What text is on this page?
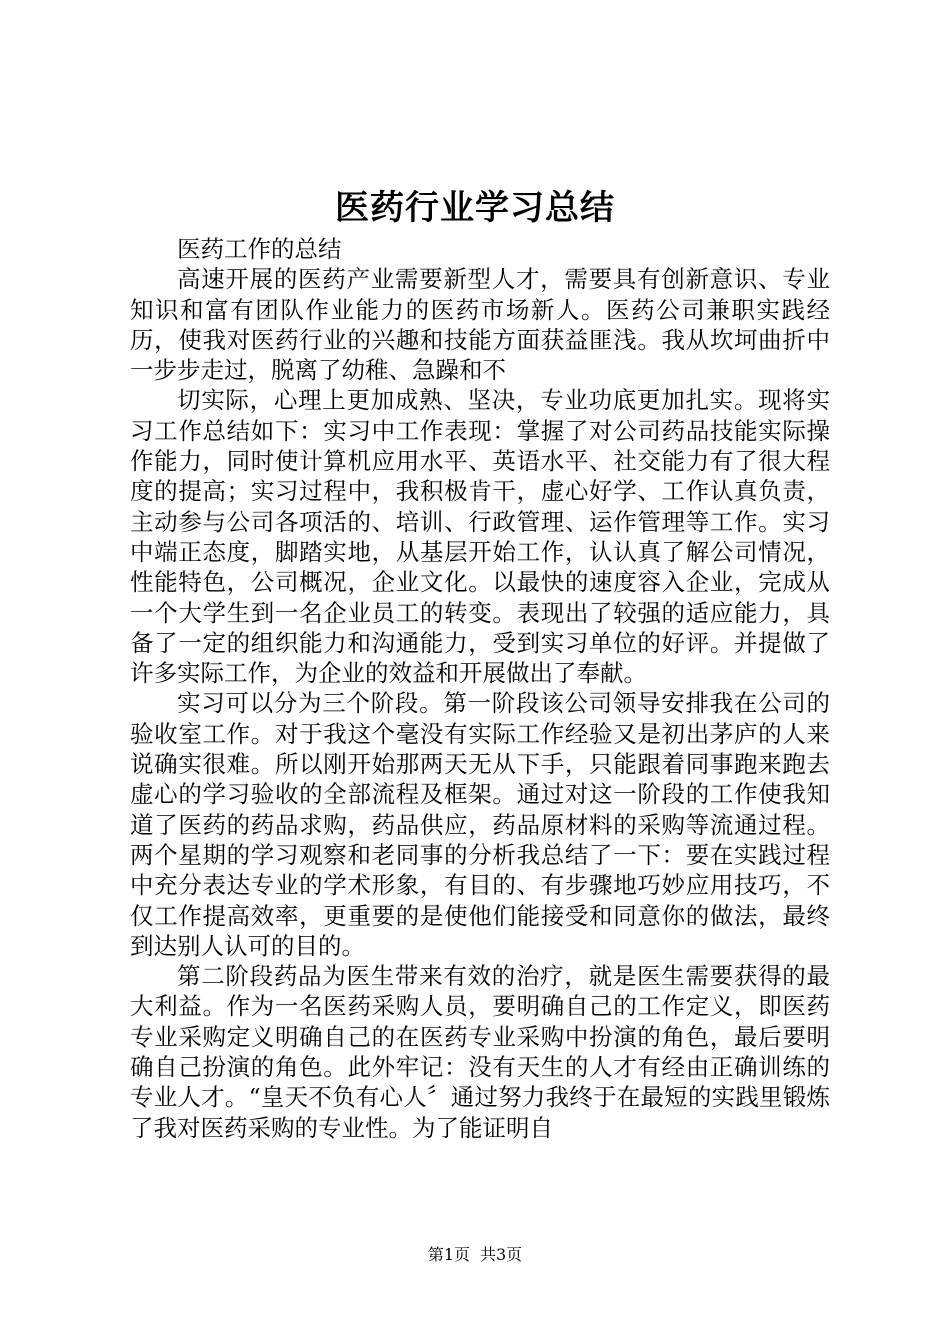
医药行业学习总结

医药工作的总结

高速开展的医药产业需要新型人才，需要具有创新意识、专业知识和富有团队作业能力的医药市场新人。医药公司兼职实践经历，使我对医药行业的兴趣和技能方面获益匪浅。我从坎坷曲折中一步步走过，脱离了幼稚、急躁和不

切实际，心理上更加成熟、坚决，专业功底更加扎实。现将实习工作总结如下：实习中工作表现：掌握了对公司药品技能实际操作能力，同时使计算机应用水平、英语水平、社交能力有了很大程度的提高；实习过程中，我积极肯干，虚心好学、工作认真负责，主动参与公司各项活的、培训、行政管理、运作管理等工作。实习中端正态度，脚踏实地，从基层开始工作，认认真了解公司情况，性能特色，公司概况，企业文化。以最快的速度容入企业，完成从一个大学生到一名企业员工的转变。表现出了较强的适应能力，具备了一定的组织能力和沟通能力，受到实习单位的好评。并提做了许多实际工作，为企业的效益和开展做出了奉献。

实习可以分为三个阶段。第一阶段该公司领导安排我在公司的验收室工作。对于我这个毫没有实际工作经验又是初出茅庐的人来说确实很难。所以刚开始那两天无从下手，只能跟着同事跑来跑去虚心的学习验收的全部流程及框架。通过对这一阶段的工作使我知道了医药的药品求购，药品供应，药品原材料的采购等流通过程。两个星期的学习观察和老同事的分析我总结了一下：要在实践过程中充分表达专业的学术形象，有目的、有步骤地巧妙应用技巧，不仅工作提高效率，更重要的是使他们能接受和同意你的做法，最终到达别人认可的目的。

第二阶段药品为医生带来有效的治疗，就是医生需要获得的最大利益。作为一名医药采购人员，要明确自己的工作定义，即医药专业采购定义明确自己的在医药专业采购中扮演的角色，最后要明确自己扮演的角色。此外牢记：没有天生的人才有经由正确训练的专业人才。“皇天不负有心人〞通过努力我终于在最短的实践里锻炼了我对医药采购的专业性。为了能证明自

第1页 共3页
